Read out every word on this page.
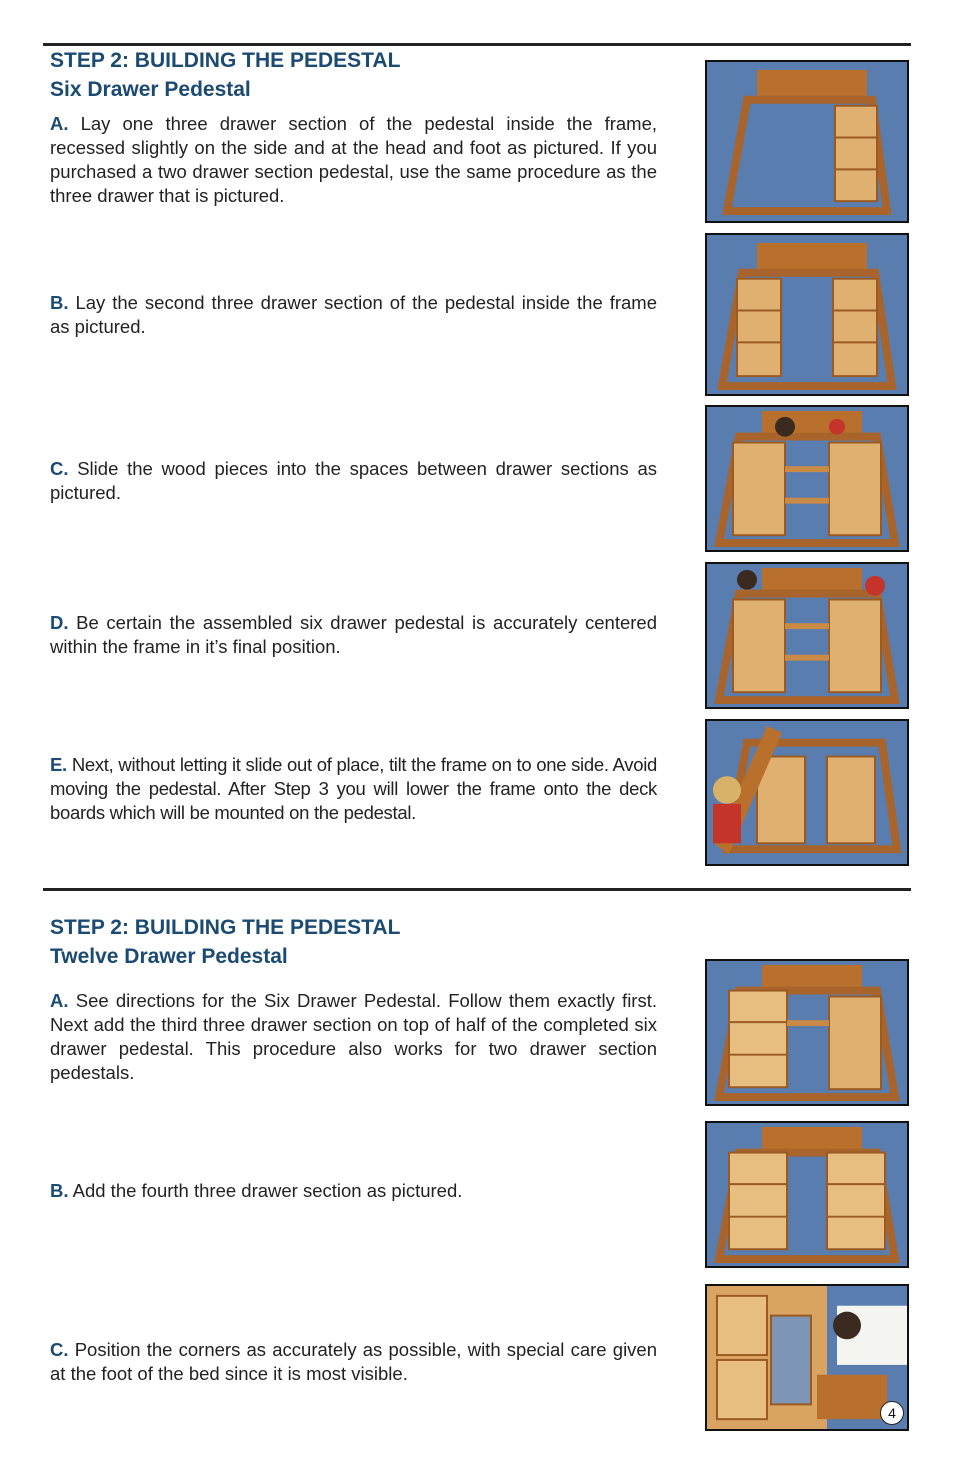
STEP 2: BUILDING THE PEDESTAL
Six Drawer Pedestal

A. Lay one three drawer section of the pedestal inside the frame, recessed slightly on the side and at the head and foot as pictured. If you purchased a two drawer section pedestal, use the same procedure as the three drawer that is pictured.

B. Lay the second three drawer section of the pedestal inside the frame as pictured.

C. Slide the wood pieces into the spaces between drawer sections as pictured.

D. Be certain the assembled six drawer pedestal is accurately centered within the frame in it’s final position.

E. Next, without letting it slide out of place, tilt the frame on to one side. Avoid moving the pedestal. After Step 3 you will lower the frame onto the deck boards which will be mounted on the pedestal.

STEP 2: BUILDING THE PEDESTAL
Twelve Drawer Pedestal

A. See directions for the Six Drawer Pedestal. Follow them exactly first. Next add the third three drawer section on top of half of the completed six drawer pedestal. This procedure also works for two drawer section pedestals.

B. Add the fourth three drawer section as pictured.

C. Position the corners as accurately as possible, with special care given at the foot of the bed since it is most visible.

4
